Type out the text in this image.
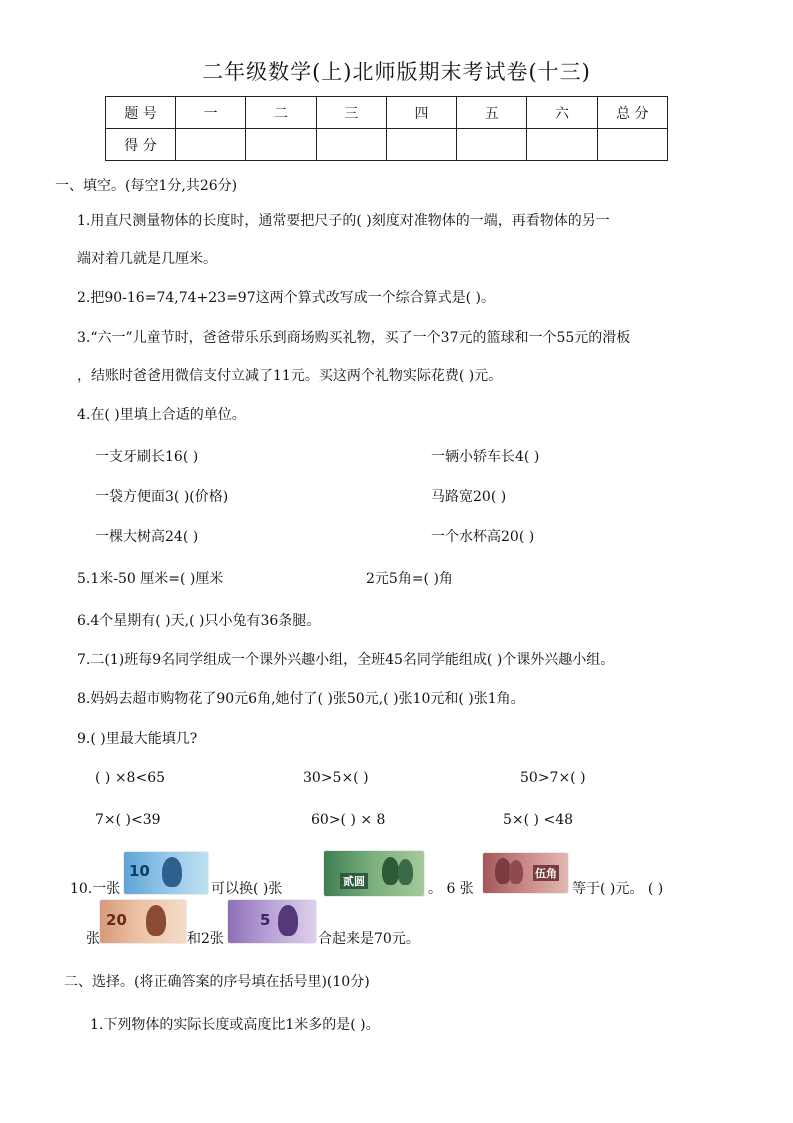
二年级数学(上)北师版期末考试卷(十三)
题 号	一	二	三	四	五	六	总 分
得 分							
一、填空。(每空1分,共26分)
1.用直尺测量物体的长度时，通常要把尺子的( )刻度对准物体的一端，再看物体的另一
端对着几就是几厘米。
2.把90-16=74,74+23=97这两个算式改写成一个综合算式是( )。
3.“六一”儿童节时，爸爸带乐乐到商场购买礼物，买了一个37元的篮球和一个55元的滑板
，结账时爸爸用微信支付立减了11元。买这两个礼物实际花费( )元。
4.在( )里填上合适的单位。
一支牙刷长16( )	一辆小轿车长4( )
一袋方便面3( )(价格)	马路宽20( )
一棵大树高24( )	一个水杯高20( )
5.1米-50 厘米=( )厘米	2元5角=( )角
6.4个星期有( )天,( )只小兔有36条腿。
7.二(1)班每9名同学组成一个课外兴趣小组，全班45名同学能组成( )个课外兴趣小组。
8.妈妈去超市购物花了90元6角,她付了( )张50元,( )张10元和( )张1角。
9.( )里最大能填几?
( ) ×8<65	30>5×( )	50>7×( )
7×( )<39	60>( ) × 8	5×( ) <48
10.一张
10
可以换( )张	贰圆	。 6 张
伍角
等于( )元。 ( )
张
20
和2张
5
合起来是70元。
二、选择。(将正确答案的序号填在括号里)(10分)
1.下列物体的实际长度或高度比1米多的是( )。
